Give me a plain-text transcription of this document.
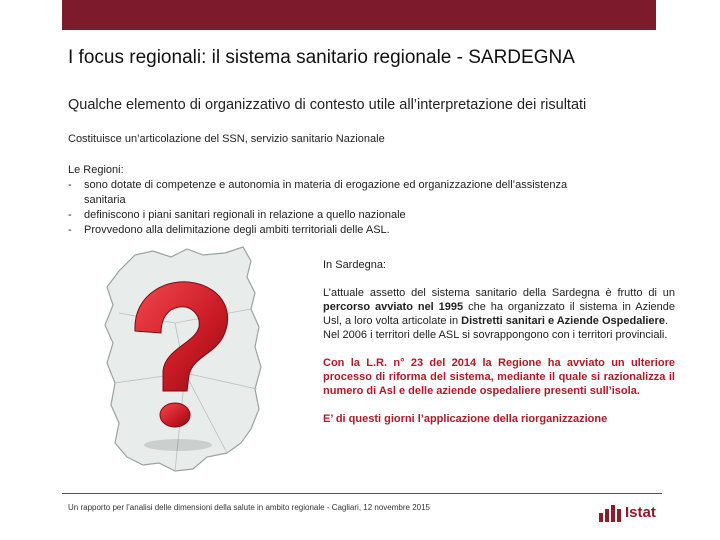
I focus regionali: il sistema sanitario regionale - SARDEGNA
Qualche elemento di organizzativo di contesto utile all’interpretazione dei risultati
Costituisce un’articolazione del SSN, servizio sanitario Nazionale
Le Regioni:
-	sono dotate di competenze e autonomia in materia di erogazione ed organizzazione dell’assistenza
sanitaria
-	definiscono i piani sanitari regionali in relazione a quello nazionale
-	Provvedono alla delimitazione degli ambiti territoriali delle ASL.

In Sardegna:

L’attuale assetto del sistema sanitario della Sardegna è frutto di un percorso avviato nel 1995 che ha organizzato il sistema in Aziende Usl, a loro volta articolate in Distretti sanitari e Aziende Ospedaliere.

Nel 2006 i territori delle ASL si sovrappongono con i territori provinciali.

Con la L.R. n° 23 del 2014 la Regione ha avviato un ulteriore processo di riforma del sistema, mediante il quale si razionalizza il numero di Asl e delle aziende ospedaliere presenti sull’isola.

E’ di questi giorni l’applicazione della riorganizzazione

Un rapporto per l’analisi delle dimensioni della salute in ambito regionale - Cagliari, 12 novembre 2015	Istat
